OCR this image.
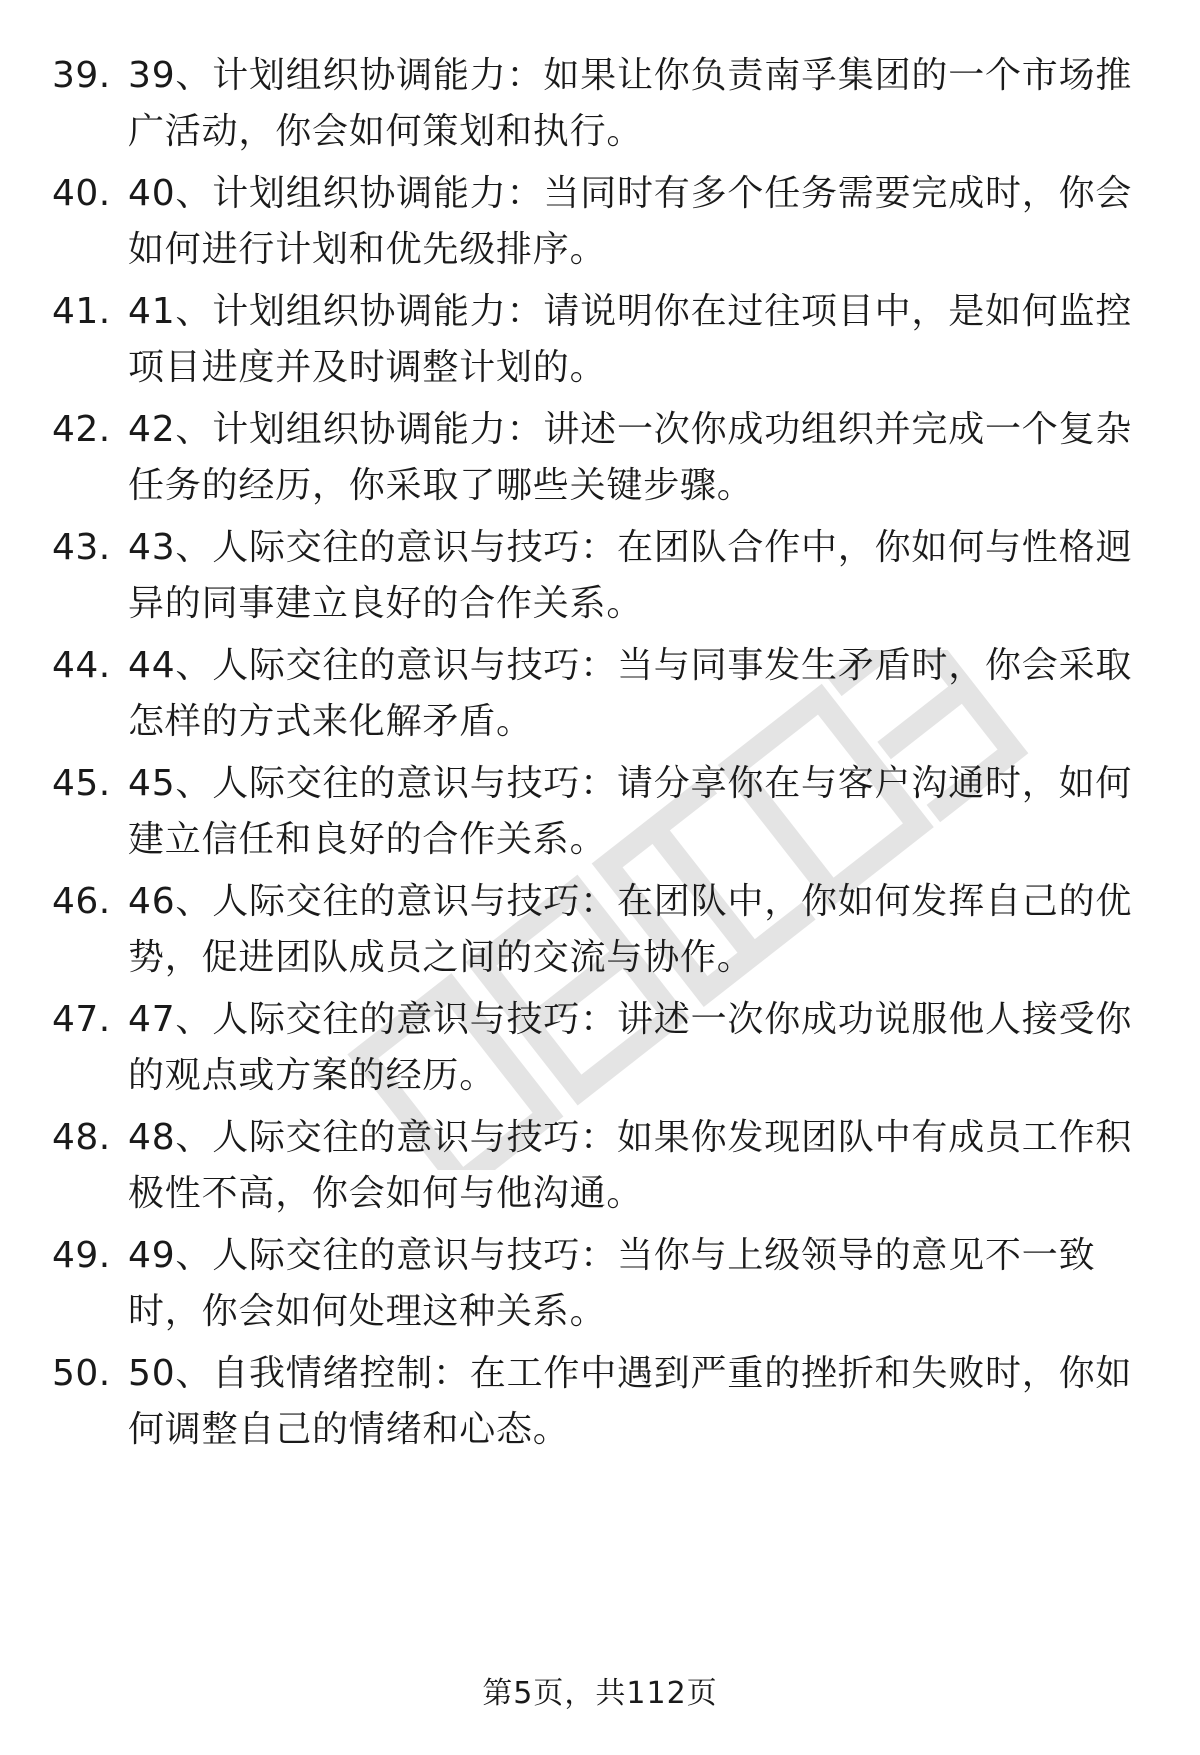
39. 39、计划组织协调能力：如果让你负责南孚集团的一个市场推广活动，你会如何策划和执行。
40. 40、计划组织协调能力：当同时有多个任务需要完成时，你会如何进行计划和优先级排序。
41. 41、计划组织协调能力：请说明你在过往项目中，是如何监控项目进度并及时调整计划的。
42. 42、计划组织协调能力：讲述一次你成功组织并完成一个复杂任务的经历，你采取了哪些关键步骤。
43. 43、人际交往的意识与技巧：在团队合作中，你如何与性格迥异的同事建立良好的合作关系。
44. 44、人际交往的意识与技巧：当与同事发生矛盾时，你会采取怎样的方式来化解矛盾。
45. 45、人际交往的意识与技巧：请分享你在与客户沟通时，如何建立信任和良好的合作关系。
46. 46、人际交往的意识与技巧：在团队中，你如何发挥自己的优势，促进团队成员之间的交流与协作。
47. 47、人际交往的意识与技巧：讲述一次你成功说服他人接受你的观点或方案的经历。
48. 48、人际交往的意识与技巧：如果你发现团队中有成员工作积极性不高，你会如何与他沟通。
49. 49、人际交往的意识与技巧：当你与上级领导的意见不一致时，你会如何处理这种关系。
50. 50、自我情绪控制：在工作中遇到严重的挫折和失败时，你如何调整自己的情绪和心态。
第5页，共112页
